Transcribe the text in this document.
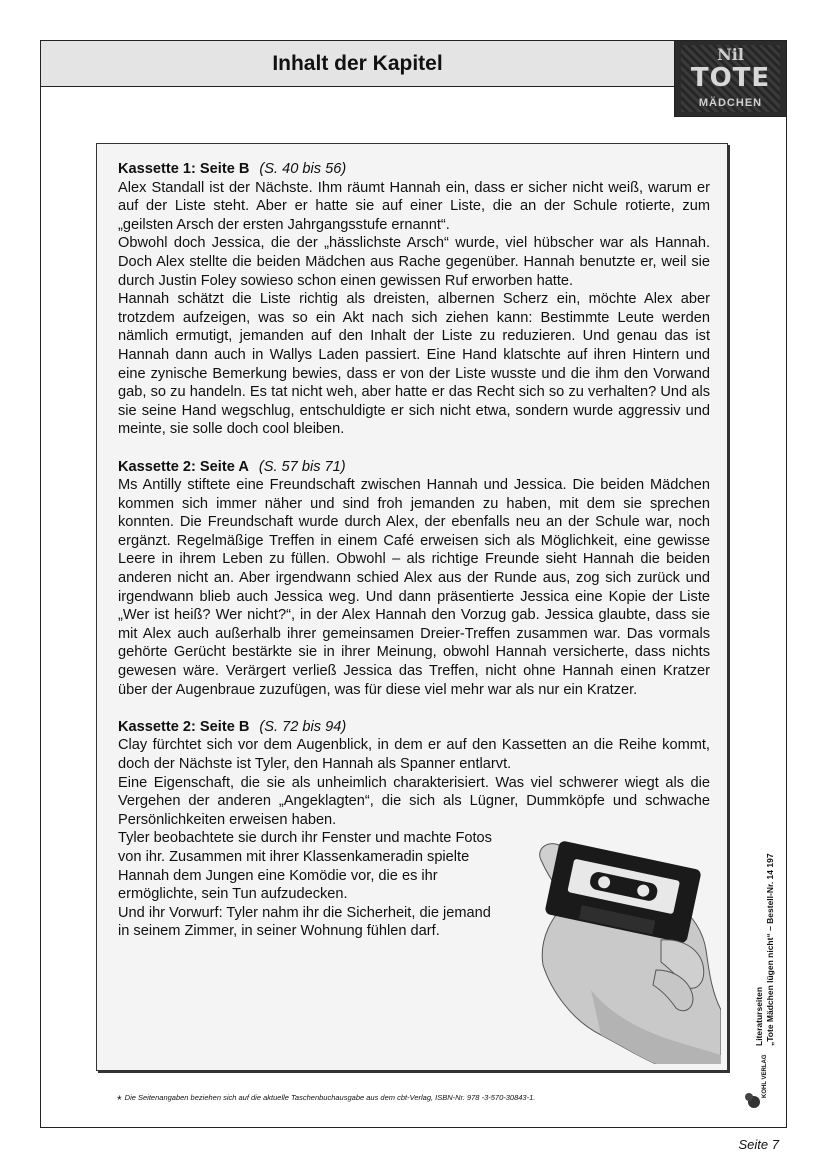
Inhalt der Kapitel	Nil
TOTE
MÄDCHEN

Kassette 1: Seite B (S. 40 bis 56)

Alex Standall ist der Nächste. Ihm räumt Hannah ein, dass er sicher nicht weiß, warum er auf der Liste steht. Aber er hatte sie auf einer Liste, die an der Schule rotierte, zum „geilsten Arsch der ersten Jahrgangsstufe ernannt“.

Obwohl doch Jessica, die der „hässlichste Arsch“ wurde, viel hübscher war als Hannah. Doch Alex stellte die beiden Mädchen aus Rache gegenüber. Hannah benutzte er, weil sie durch Justin Foley sowieso schon einen gewissen Ruf erworben hatte.

Hannah schätzt die Liste richtig als dreisten, albernen Scherz ein, möchte Alex aber trotzdem aufzeigen, was so ein Akt nach sich ziehen kann: Bestimmte Leute werden nämlich ermutigt, jemanden auf den Inhalt der Liste zu reduzieren. Und genau das ist Hannah dann auch in Wallys Laden passiert. Eine Hand klatschte auf ihren Hintern und eine zynische Bemerkung bewies, dass er von der Liste wusste und die ihm den Vorwand gab, so zu handeln. Es tat nicht weh, aber hatte er das Recht sich so zu verhalten? Und als sie seine Hand wegschlug, entschuldigte er sich nicht etwa, sondern wurde aggressiv und meinte, sie solle doch cool bleiben.

Kassette 2: Seite A (S. 57 bis 71)

Ms Antilly stiftete eine Freundschaft zwischen Hannah und Jessica. Die beiden Mädchen kommen sich immer näher und sind froh jemanden zu haben, mit dem sie sprechen konnten. Die Freundschaft wurde durch Alex, der ebenfalls neu an der Schule war, noch ergänzt. Regelmäßige Treffen in einem Café erweisen sich als Möglichkeit, eine gewisse Leere in ihrem Leben zu füllen. Obwohl – als richtige Freunde sieht Hannah die beiden anderen nicht an. Aber irgendwann schied Alex aus der Runde aus, zog sich zurück und irgendwann blieb auch Jessica weg. Und dann präsentierte Jessica eine Kopie der Liste „Wer ist heiß? Wer nicht?“, in der Alex Hannah den Vorzug gab. Jessica glaubte, dass sie mit Alex auch außerhalb ihrer gemeinsamen Dreier-Treffen zusammen war. Das vormals gehörte Gerücht bestärkte sie in ihrer Meinung, obwohl Hannah versicherte, dass nichts gewesen wäre. Verärgert verließ Jessica das Treffen, nicht ohne Hannah einen Kratzer über der Augenbraue zuzufügen, was für diese viel mehr war als nur ein Kratzer.

Kassette 2: Seite B (S. 72 bis 94)

Clay fürchtet sich vor dem Augenblick, in dem er auf den Kassetten an die Reihe kommt, doch der Nächste ist Tyler, den Hannah als Spanner entlarvt.

Eine Eigenschaft, die sie als unheimlich charakterisiert. Was viel schwerer wiegt als die Vergehen der anderen „Angeklagten“, die sich als Lügner, Dummköpfe und schwache Persönlichkeiten erweisen haben.

Tyler beobachtete sie durch ihr Fenster und machte Fotos von ihr. Zusammen mit ihrer Klassenkameradin spielte Hannah dem Jungen eine Komödie vor, die es ihr ermöglichte, sein Tun aufzudecken.

Und ihr Vorwurf: Tyler nahm ihr die Sicherheit, die jemand in seinem Zimmer, in seiner Wohnung fühlen darf.

* Die Seitenangaben beziehen sich auf die aktuelle Taschenbuchausgabe aus dem cbt-Verlag, ISBN-Nr. 978 -3-570-30843-1.
Literaturseiten „Tote Mädchen lügen nicht“ – Bestell-Nr. 14 197
KOHL VERLAG
Seite 7
